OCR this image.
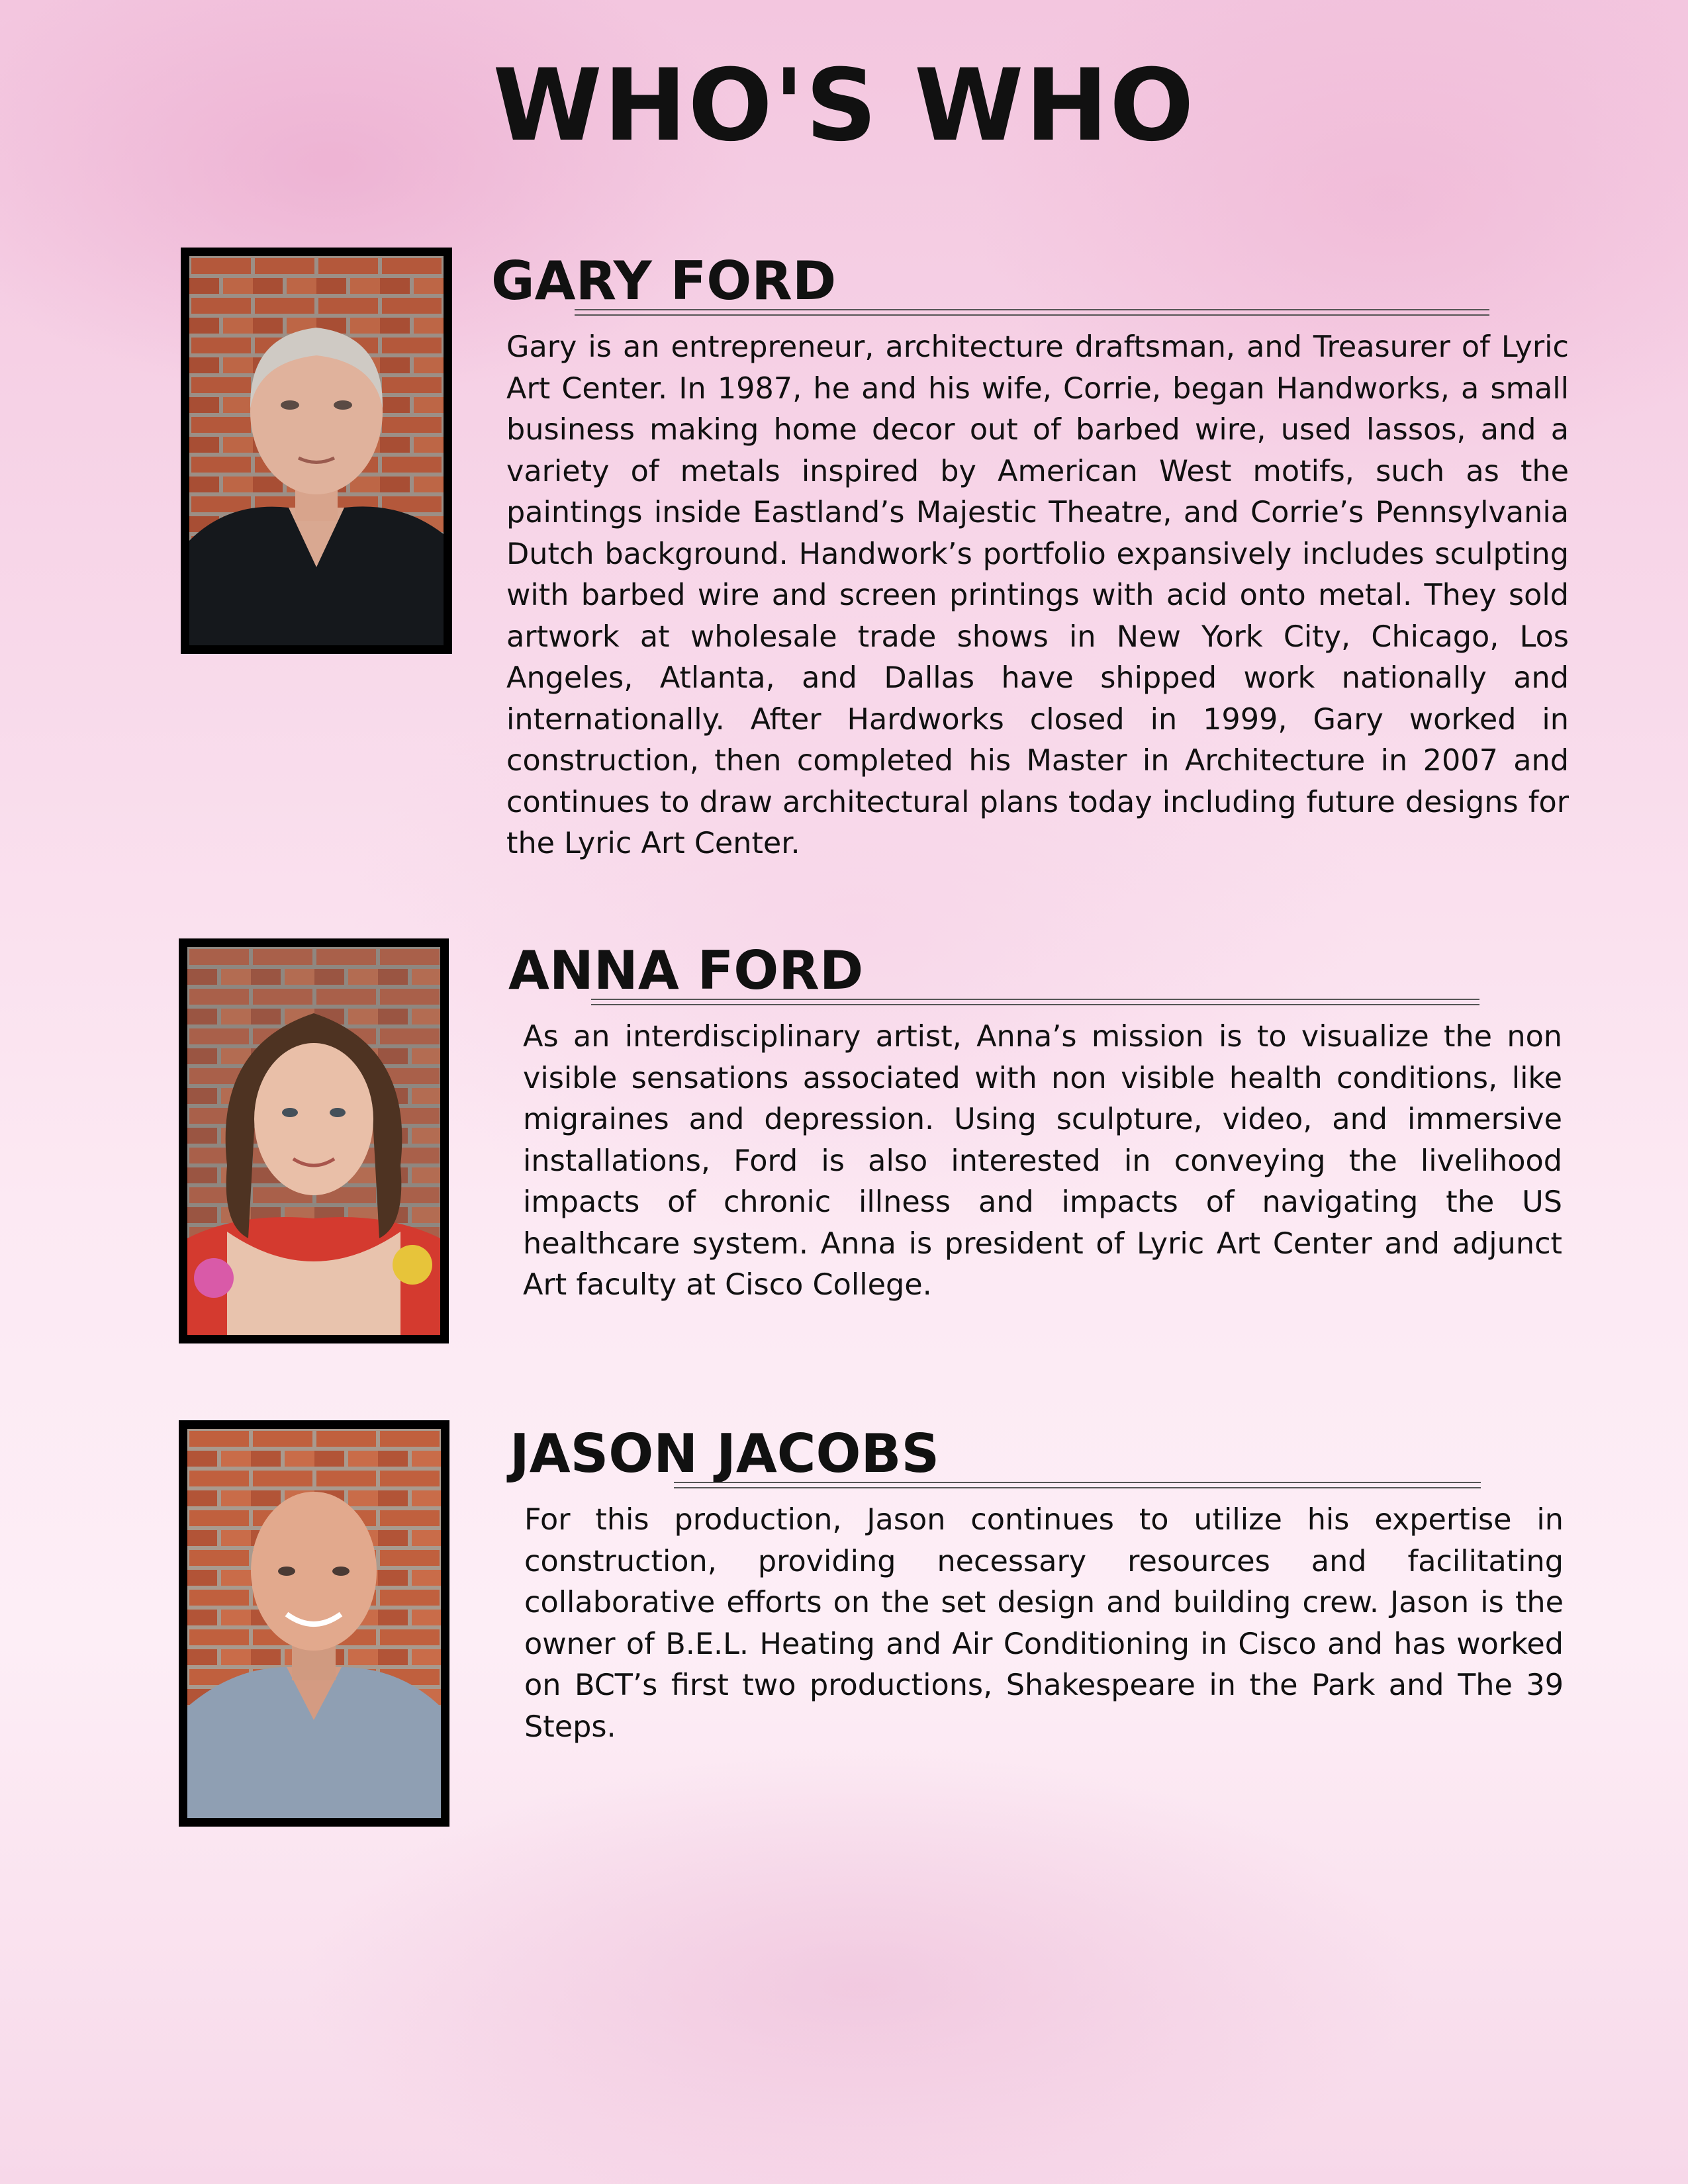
WHO'S WHO
GARY FORD

Gary is an entrepreneur, architecture draftsman, and Treasurer of Lyric Art Center. In 1987, he and his wife, Corrie, began Handworks, a small business making home decor out of barbed wire, used lassos, and a variety of metals inspired by American West motifs, such as the paintings inside Eastland’s Majestic Theatre, and Corrie’s Pennsylvania Dutch background. Handwork’s portfolio expansively includes sculpting with barbed wire and screen printings with acid onto metal. They sold artwork at wholesale trade shows in New York City, Chicago, Los Angeles, Atlanta, and Dallas have shipped work nationally and internationally. After Hardworks closed in 1999, Gary worked in construction, then completed his Master in Architecture in 2007 and continues to draw architectural plans today including future designs for the Lyric Art Center.

ANNA FORD

As an interdisciplinary artist, Anna’s mission is to visualize the non visible sensations associated with non visible health conditions, like migraines and depression. Using sculpture, video, and immersive installations, Ford is also interested in conveying the livelihood impacts of chronic illness and impacts of navigating the US healthcare system. Anna is president of Lyric Art Center and adjunct Art faculty at Cisco College.

JASON JACOBS

For this production, Jason continues to utilize his expertise in construction, providing necessary resources and facilitating collaborative efforts on the set design and building crew. Jason is the owner of B.E.L. Heating and Air Conditioning in Cisco and has worked on BCT’s first two productions, Shakespeare in the Park and The 39 Steps.
